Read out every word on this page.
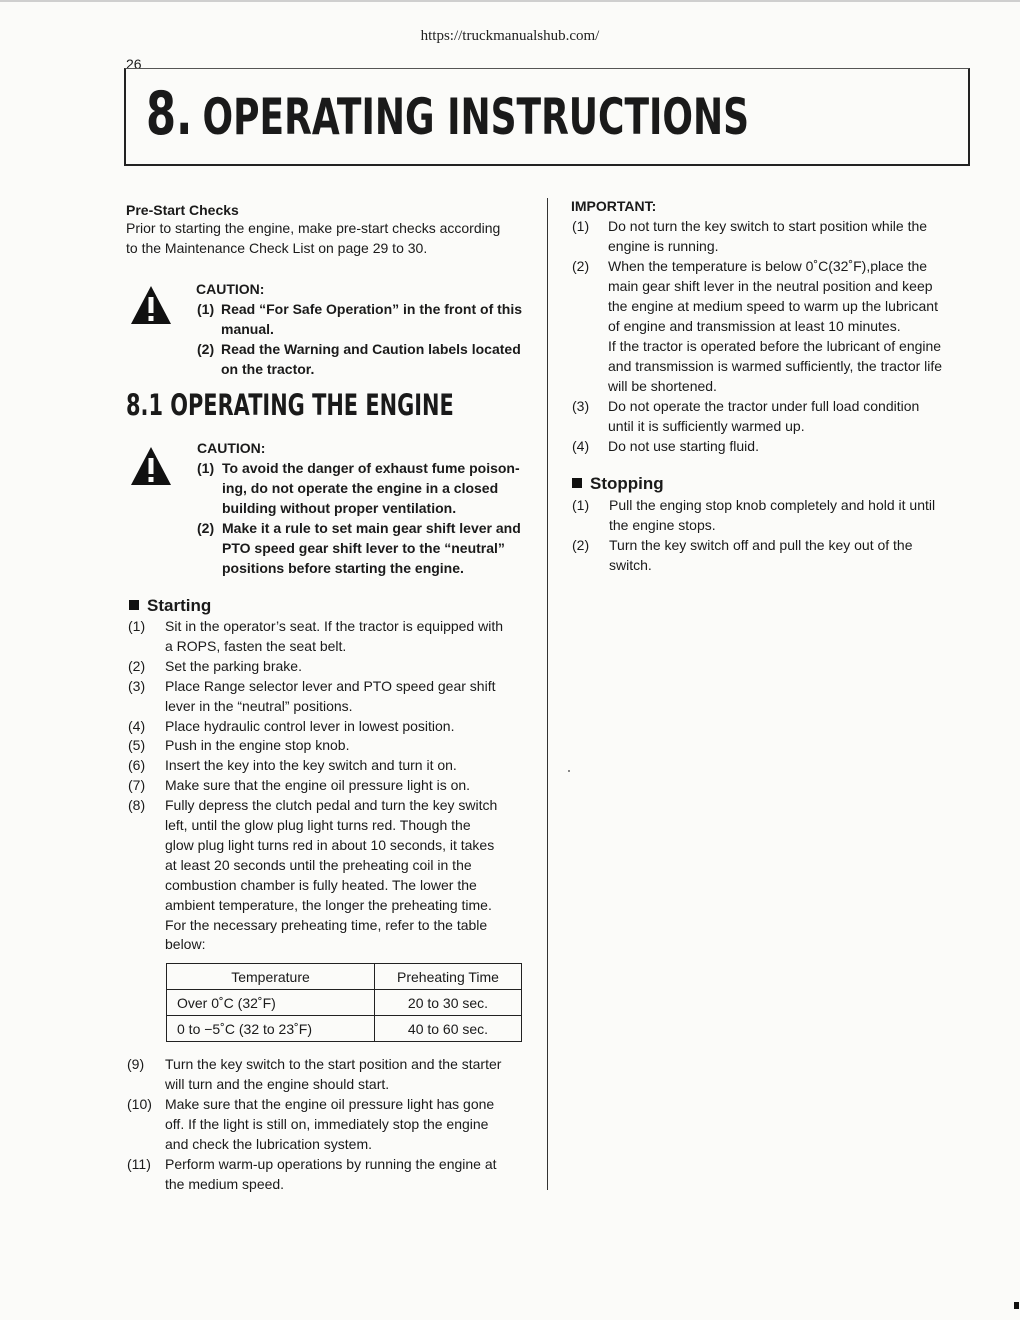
https://truckmanualshub.com/
26
8. OPERATING INSTRUCTIONS
Pre-Start Checks
Prior to starting the engine, make pre-start checks according
to the Maintenance Check List on page 29 to 30.
CAUTION:
(1) Read “For Safe Operation” in the front of this
manual.
(2) Read the Warning and Caution labels located
on the tractor.
8.1 OPERATING THE ENGINE
CAUTION:
(1) To avoid the danger of exhaust fume poison-
ing, do not operate the engine in a closed
building without proper ventilation.
(2) Make it a rule to set main gear shift lever and
PTO speed gear shift lever to the “neutral”
positions before starting the engine.
Starting
(1) Sit in the operator’s seat. If the tractor is equipped with
a ROPS, fasten the seat belt.
(2) Set the parking brake.
(3) Place Range selector lever and PTO speed gear shift
lever in the “neutral” positions.
(4) Place hydraulic control lever in lowest position.
(5) Push in the engine stop knob.
(6) Insert the key into the key switch and turn it on.
(7) Make sure that the engine oil pressure light is on.
(8) Fully depress the clutch pedal and turn the key switch
left, until the glow plug light turns red. Though the
glow plug light turns red in about 10 seconds, it takes
at least 20 seconds until the preheating coil in the
combustion chamber is fully heated. The lower the
ambient temperature, the longer the preheating time.
For the necessary preheating time, refer to the table
below:
Temperature	Preheating Time
Over 0˚C (32˚F)	20 to 30 sec.
0 to −5˚C (32 to 23˚F)	40 to 60 sec.
(9) Turn the key switch to the start position and the starter
will turn and the engine should start.
(10) Make sure that the engine oil pressure light has gone
off. If the light is still on, immediately stop the engine
and check the lubrication system.
(11) Perform warm-up operations by running the engine at
the medium speed.
IMPORTANT:
(1) Do not turn the key switch to start position while the
engine is running.
(2) When the temperature is below 0˚C(32˚F),place the
main gear shift lever in the neutral position and keep
the engine at medium speed to warm up the lubricant
of engine and transmission at least 10 minutes.
If the tractor is operated before the lubricant of engine
and transmission is warmed sufficiently, the tractor life
will be shortened.
(3) Do not operate the tractor under full load condition
until it is sufficiently warmed up.
(4) Do not use starting fluid.
Stopping
(1) Pull the enging stop knob completely and hold it until
the engine stops.
(2) Turn the key switch off and pull the key out of the
switch.
